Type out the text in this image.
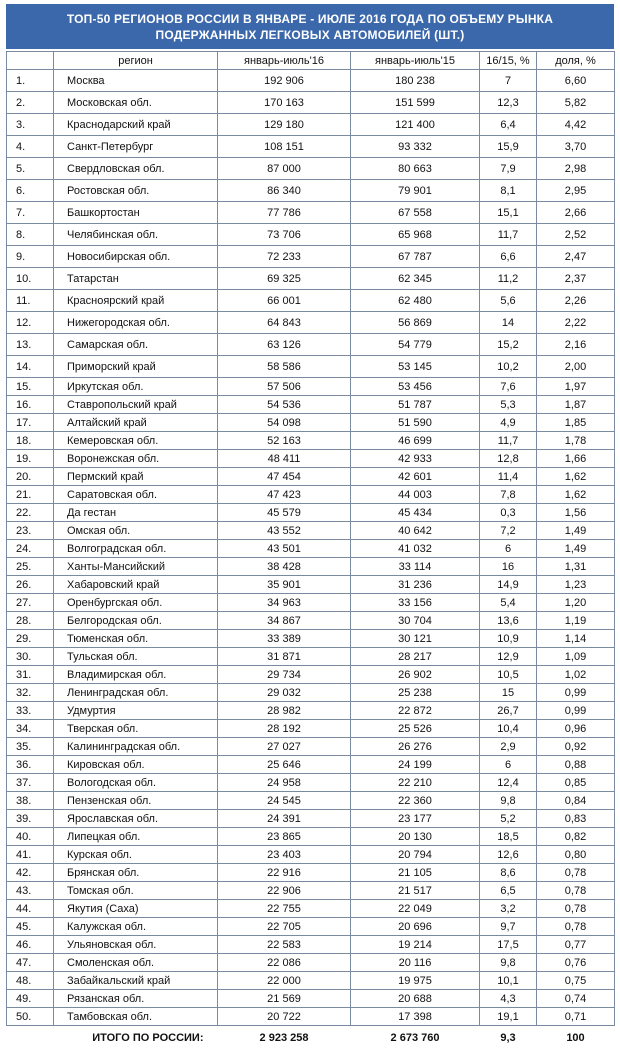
ТОП-50 РЕГИОНОВ РОССИИ В ЯНВАРЕ - ИЮЛЕ 2016 ГОДА ПО ОБЪЕМУ РЫНКА
ПОДЕРЖАННЫХ ЛЕГКОВЫХ АВТОМОБИЛЕЙ (ШТ.)
	регион	январь-июль'16	январь-июль'15	16/15, %	доля, %
1.	Москва	192 906	180 238	7	6,60
2.	Московская обл.	170 163	151 599	12,3	5,82
3.	Краснодарский край	129 180	121 400	6,4	4,42
4.	Санкт-Петербург	108 151	93 332	15,9	3,70
5.	Свердловская обл.	87 000	80 663	7,9	2,98
6.	Ростовская обл.	86 340	79 901	8,1	2,95
7.	Башкортостан	77 786	67 558	15,1	2,66
8.	Челябинская обл.	73 706	65 968	11,7	2,52
9.	Новосибирская обл.	72 233	67 787	6,6	2,47
10.	Татарстан	69 325	62 345	11,2	2,37
11.	Красноярский край	66 001	62 480	5,6	2,26
12.	Нижегородская обл.	64 843	56 869	14	2,22
13.	Самарская обл.	63 126	54 779	15,2	2,16
14.	Приморский край	58 586	53 145	10,2	2,00
15.	Иркутская обл.	57 506	53 456	7,6	1,97
16.	Ставропольский край	54 536	51 787	5,3	1,87
17.	Алтайский край	54 098	51 590	4,9	1,85
18.	Кемеровская обл.	52 163	46 699	11,7	1,78
19.	Воронежская обл.	48 411	42 933	12,8	1,66
20.	Пермский край	47 454	42 601	11,4	1,62
21.	Саратовская обл.	47 423	44 003	7,8	1,62
22.	Да гестан	45 579	45 434	0,3	1,56
23.	Омская обл.	43 552	40 642	7,2	1,49
24.	Волгоградская обл.	43 501	41 032	6	1,49
25.	Ханты-Мансийский	38 428	33 114	16	1,31
26.	Хабаровский край	35 901	31 236	14,9	1,23
27.	Оренбургская обл.	34 963	33 156	5,4	1,20
28.	Белгородская обл.	34 867	30 704	13,6	1,19
29.	Тюменская обл.	33 389	30 121	10,9	1,14
30.	Тульская обл.	31 871	28 217	12,9	1,09
31.	Владимирская обл.	29 734	26 902	10,5	1,02
32.	Ленинградская обл.	29 032	25 238	15	0,99
33.	Удмуртия	28 982	22 872	26,7	0,99
34.	Тверская обл.	28 192	25 526	10,4	0,96
35.	Калининградская обл.	27 027	26 276	2,9	0,92
36.	Кировская обл.	25 646	24 199	6	0,88
37.	Вологодская обл.	24 958	22 210	12,4	0,85
38.	Пензенская обл.	24 545	22 360	9,8	0,84
39.	Ярославская обл.	24 391	23 177	5,2	0,83
40.	Липецкая обл.	23 865	20 130	18,5	0,82
41.	Курская обл.	23 403	20 794	12,6	0,80
42.	Брянская обл.	22 916	21 105	8,6	0,78
43.	Томская обл.	22 906	21 517	6,5	0,78
44.	Якутия (Саха)	22 755	22 049	3,2	0,78
45.	Калужская обл.	22 705	20 696	9,7	0,78
46.	Ульяновская обл.	22 583	19 214	17,5	0,77
47.	Смоленская обл.	22 086	20 116	9,8	0,76
48.	Забайкальский край	22 000	19 975	10,1	0,75
49.	Рязанская обл.	21 569	20 688	4,3	0,74
50.	Тамбовская обл.	20 722	17 398	19,1	0,71
ИТОГО ПО РОССИИ:		2 923 258	2 673 760	9,3	100
